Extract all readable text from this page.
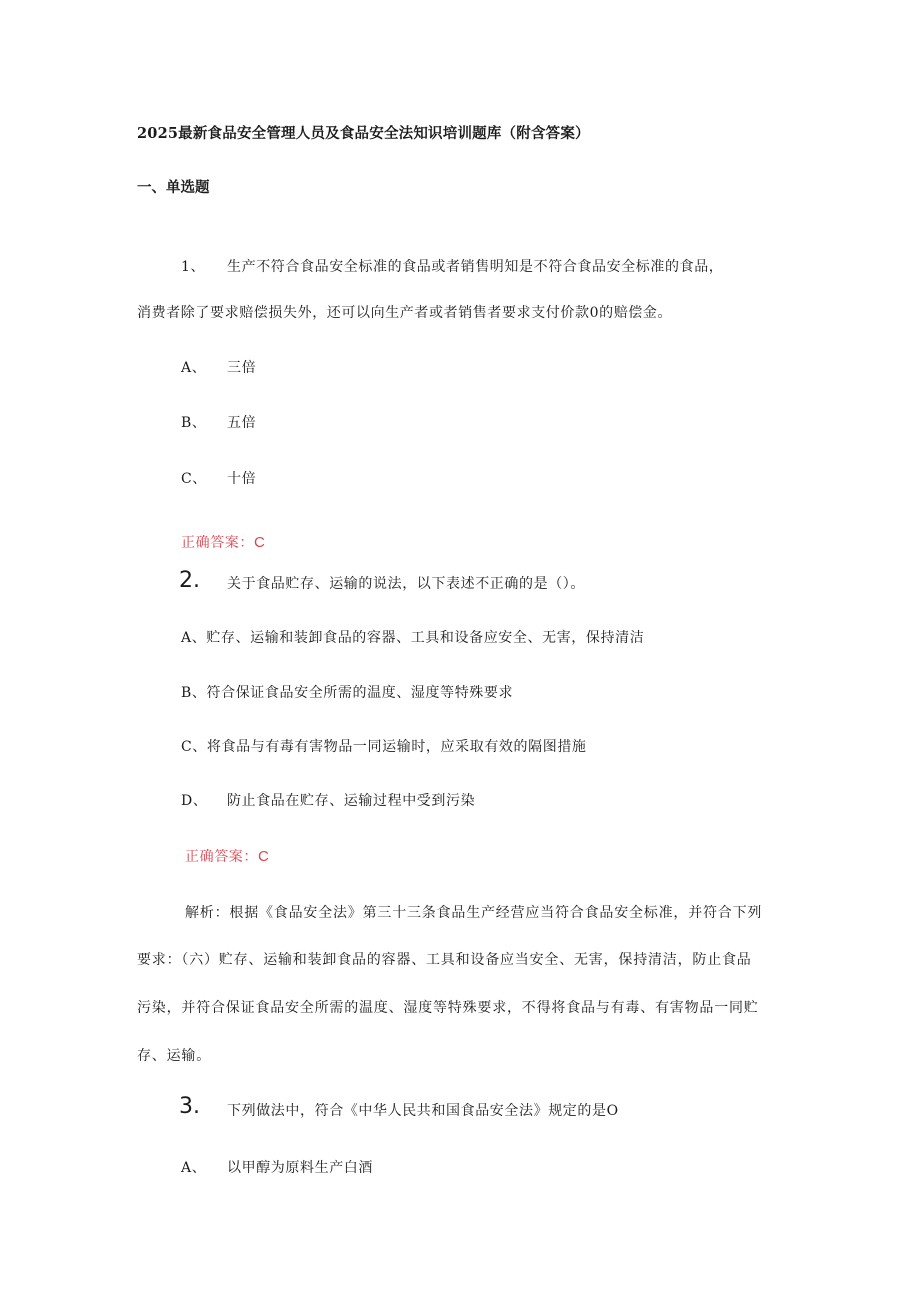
2025最新食品安全管理人员及食品安全法知识培训题库（附含答案）
一、单选题
1、 生产不符合食品安全标准的食品或者销售明知是不符合食品安全标准的食品，
消费者除了要求赔偿损失外，还可以向生产者或者销售者要求支付价款0的赔偿金。
A、 三倍
B、 五倍
C、 十倍
正确答案：C
2. 关于食品贮存、运输的说法，以下表述不正确的是（）。
A、贮存、运输和装卸食品的容器、工具和设备应安全、无害，保持清洁
B、符合保证食品安全所需的温度、湿度等特殊要求
C、将食品与有毒有害物品一同运输时，应采取有效的隔图措施
D、 防止食品在贮存、运输过程中受到污染
正确答案：C
解析：根据《食品安全法》第三十三条食品生产经营应当符合食品安全标准，并符合下列
要求：（六）贮存、运输和装卸食品的容器、工具和设备应当安全、无害，保持清洁，防止食品
污染，并符合保证食品安全所需的温度、湿度等特殊要求，不得将食品与有毒、有害物品一同贮
存、运输。
3. 下列做法中，符合《中华人民共和国食品安全法》规定的是O
A、 以甲醇为原料生产白酒
